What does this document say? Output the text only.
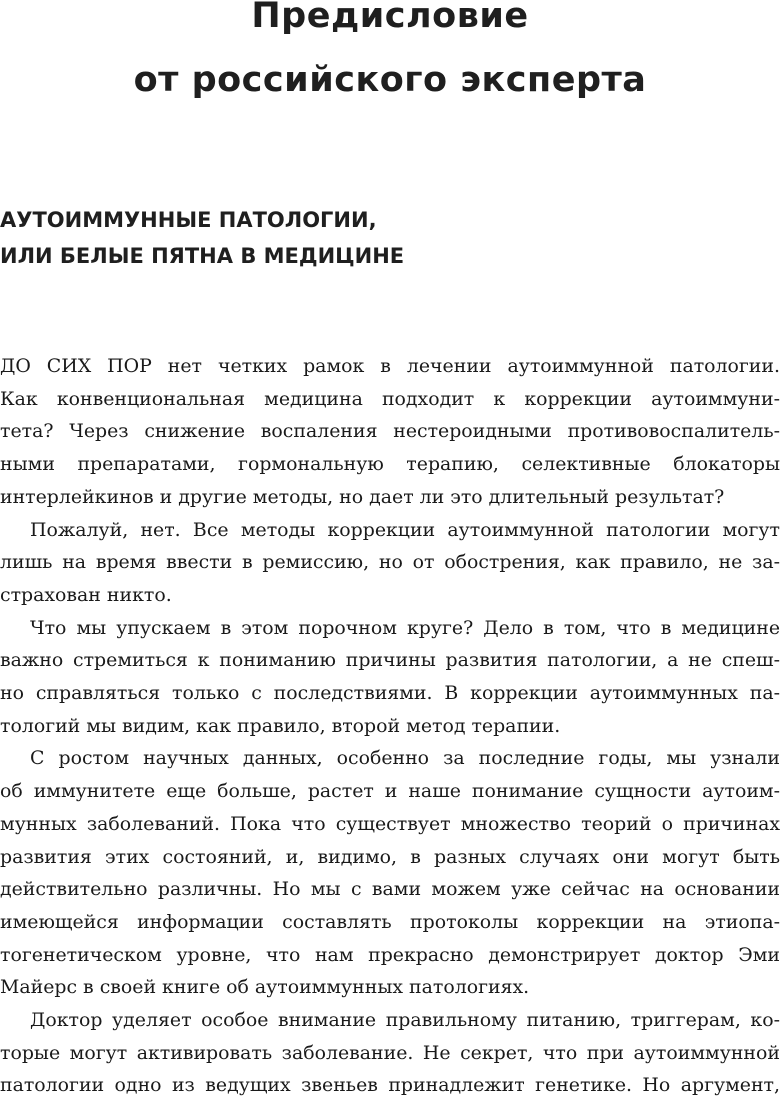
Предисловие
от российского эксперта
АУТОИММУННЫЕ ПАТОЛОГИИ,
ИЛИ БЕЛЫЕ ПЯТНА В МЕДИЦИНЕ

ДО СИХ ПОР нет четких рамок в лечении аутоиммунной патологии.
Как конвенциональная медицина подходит к коррекции аутоиммуни-
тета? Через снижение воспаления нестероидными противовоспалитель-
ными препаратами, гормональную терапию, селективные блокаторы
интерлейкинов и другие методы, но дает ли это длительный результат?

Пожалуй, нет. Все методы коррекции аутоиммунной патологии могут
лишь на время ввести в ремиссию, но от обострения, как правило, не за-
страхован никто.

Что мы упускаем в этом порочном круге? Дело в том, что в медицине
важно стремиться к пониманию причины развития патологии, а не спеш-
но справляться только с последствиями. В коррекции аутоиммунных па-
тологий мы видим, как правило, второй метод терапии.

С ростом научных данных, особенно за последние годы, мы узнали
об иммунитете еще больше, растет и наше понимание сущности аутоим-
мунных заболеваний. Пока что существует множество теорий о причинах
развития этих состояний, и, видимо, в разных случаях они могут быть
действительно различны. Но мы с вами можем уже сейчас на основании
имеющейся информации составлять протоколы коррекции на этиопа-
тогенетическом уровне, что нам прекрасно демонстрирует доктор Эми
Майерс в своей книге об аутоиммунных патологиях.

Доктор уделяет особое внимание правильному питанию, триггерам, ко-
торые могут активировать заболевание. Не секрет, что при аутоиммунной
патологии одно из ведущих звеньев принадлежит генетике. Но аргумент,
